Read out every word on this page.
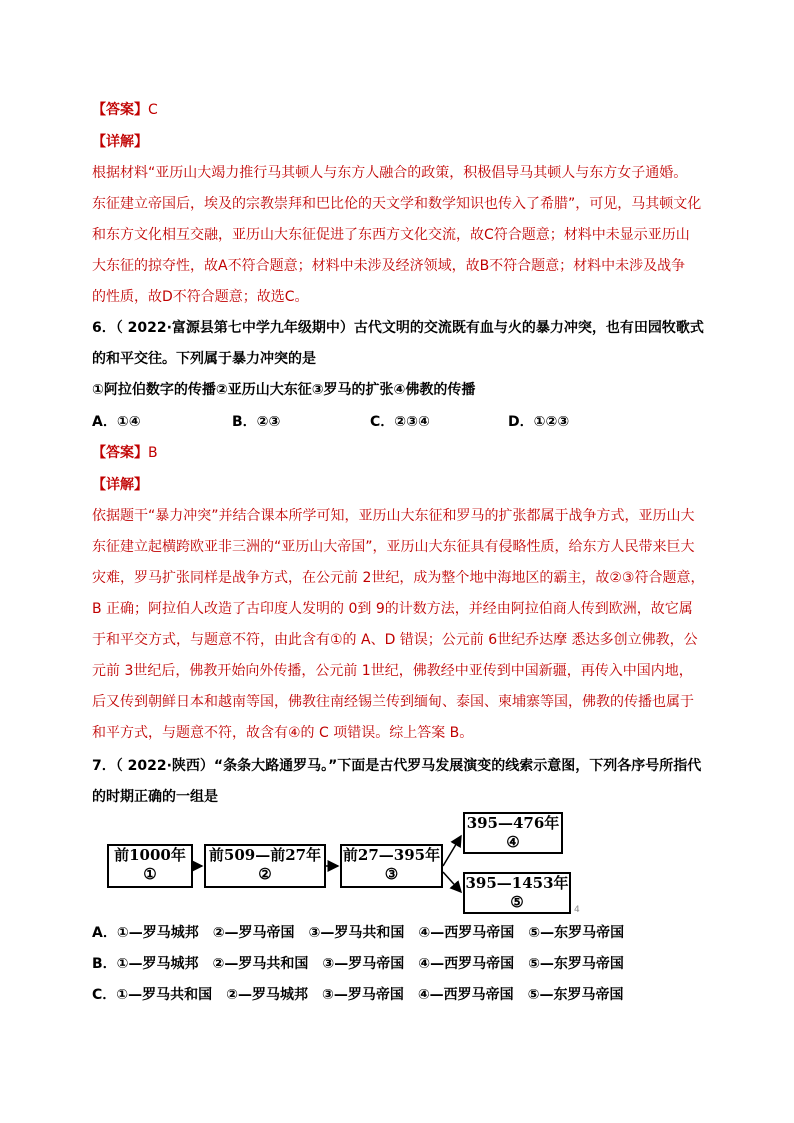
【答案】C
【详解】
根据材料“亚历山大竭力推行马其顿人与东方人融合的政策，积极倡导马其顿人与东方女子通婚。
东征建立帝国后，埃及的宗教崇拜和巴比伦的天文学和数学知识也传入了希腊”，可见，马其顿文化
和东方文化相互交融，亚历山大东征促进了东西方文化交流，故C符合题意；材料中未显示亚历山
大东征的掠夺性，故A不符合题意；材料中未涉及经济领域，故B不符合题意；材料中未涉及战争
的性质，故D不符合题意；故选C。
6．（ 2022·富源县第七中学九年级期中）古代文明的交流既有血与火的暴力冲突，也有田园牧歌式
的和平交往。下列属于暴力冲突的是
①阿拉伯数字的传播②亚历山大东征③罗马的扩张④佛教的传播
A．①④	B．②③	C．②③④	D．①②③
【答案】B
【详解】
依据题干“暴力冲突”并结合课本所学可知，亚历山大东征和罗马的扩张都属于战争方式，亚历山大
东征建立起横跨欧亚非三洲的“亚历山大帝国”，亚历山大东征具有侵略性质，给东方人民带来巨大
灾难，罗马扩张同样是战争方式，在公元前 2世纪，成为整个地中海地区的霸主，故②③符合题意，
B 正确；阿拉伯人改造了古印度人发明的 0到 9的计数方法，并经由阿拉伯商人传到欧洲，故它属
于和平交方式，与题意不符，由此含有①的 A、D 错误；公元前 6世纪乔达摩 悉达多创立佛教，公
元前 3世纪后，佛教开始向外传播，公元前 1世纪，佛教经中亚传到中国新疆，再传入中国内地，
后又传到朝鲜日本和越南等国，佛教往南经锡兰传到缅甸、泰国、柬埔寨等国，佛教的传播也属于
和平方式，与题意不符，故含有④的 C 项错误。综上答案 B。
7．（ 2022·陕西）“条条大路通罗马。”下面是古代罗马发展演变的线索示意图，下列各序号所指代
的时期正确的一组是
前1000年
①
前509—前27年
②
前27—395年
③
395—476年
④
395—1453年
⑤	4
A．①—罗马城邦　②—罗马帝国　③—罗马共和国　④—西罗马帝国　⑤—东罗马帝国
B．①—罗马城邦　②—罗马共和国　③—罗马帝国　④—西罗马帝国　⑤—东罗马帝国
C．①—罗马共和国　②—罗马城邦　③—罗马帝国　④—西罗马帝国　⑤—东罗马帝国
